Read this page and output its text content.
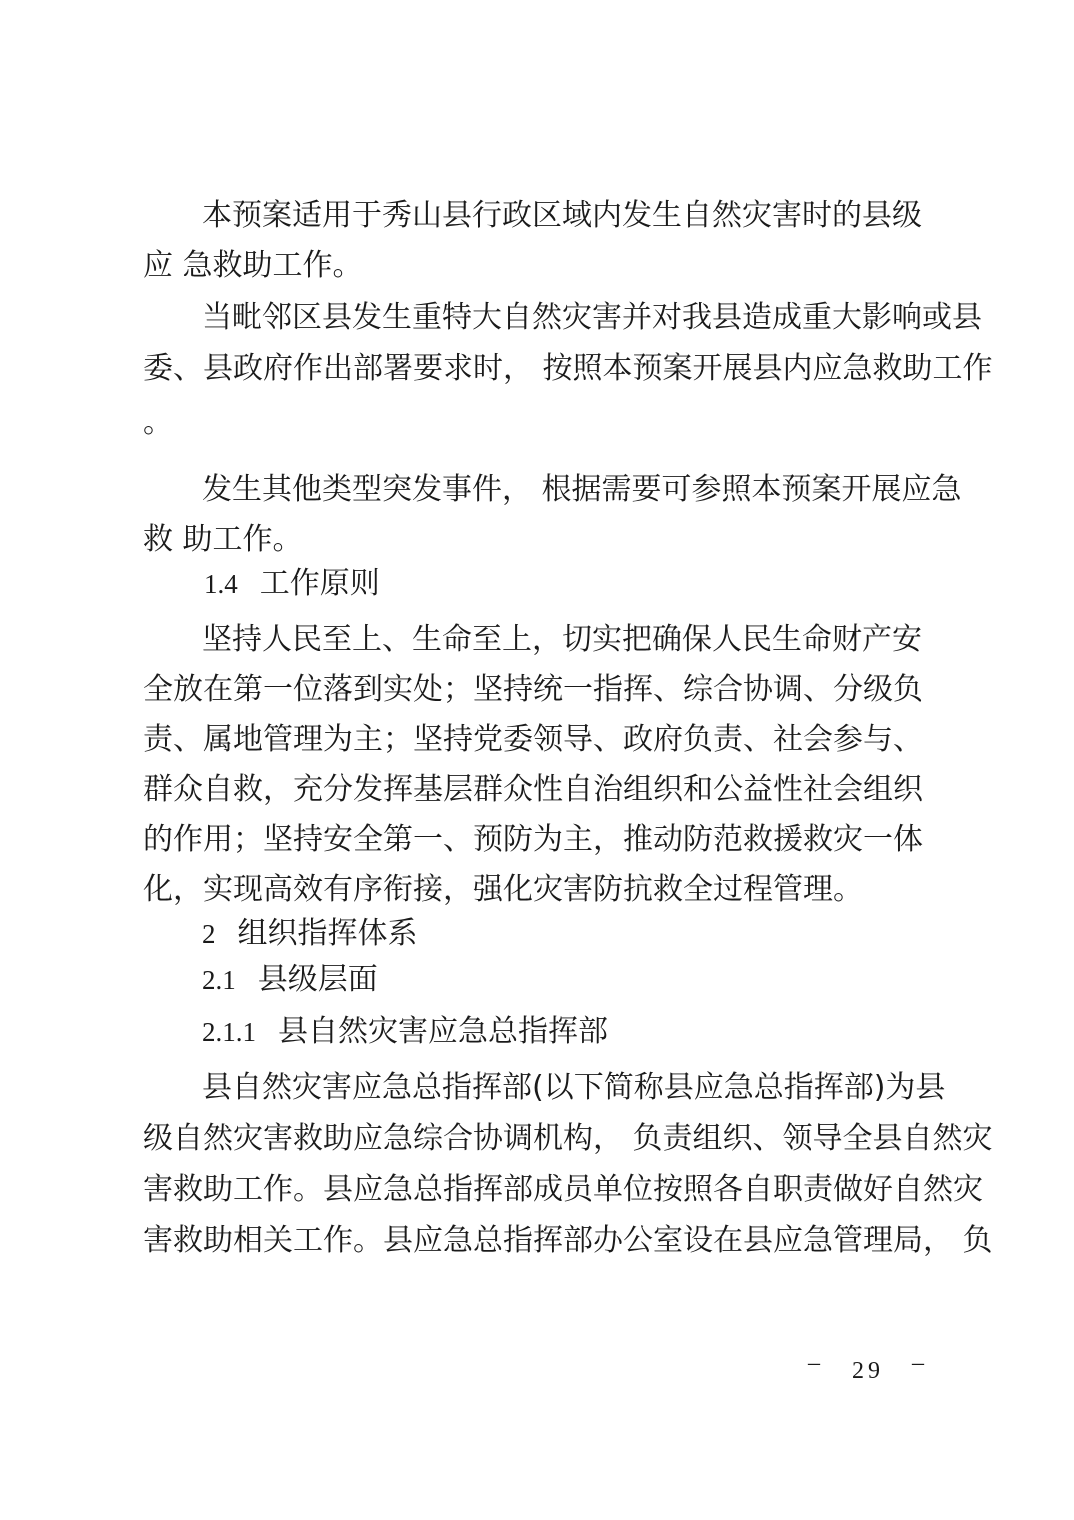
本预案适用于秀山县行政区域内发生自然灾害时的县级

应 急救助工作。

当毗邻区县发生重特大自然灾害并对我县造成重大影响或县

委、县政府作出部署要求时， 按照本预案开展县内应急救助工作

。

发生其他类型突发事件， 根据需要可参照本预案开展应急

救 助工作。

1.4 工作原则

坚持人民至上、生命至上，切实把确保人民生命财产安

全放在第一位落到实处；坚持统一指挥、综合协调、分级负

责、属地管理为主；坚持党委领导、政府负责、社会参与、

群众自救，充分发挥基层群众性自治组织和公益性社会组织

的作用；坚持安全第一、预防为主，推动防范救援救灾一体

化，实现高效有序衔接，强化灾害防抗救全过程管理。

2 组织指挥体系
2.1 县级层面
2.1.1 县自然灾害应急总指挥部

县自然灾害应急总指挥部(以下简称县应急总指挥部)为县

级自然灾害救助应急综合协调机构， 负责组织、领导全县自然灾

害救助工作。县应急总指挥部成员单位按照各自职责做好自然灾

害救助相关工作。县应急总指挥部办公室设在县应急管理局， 负

– 29 –
